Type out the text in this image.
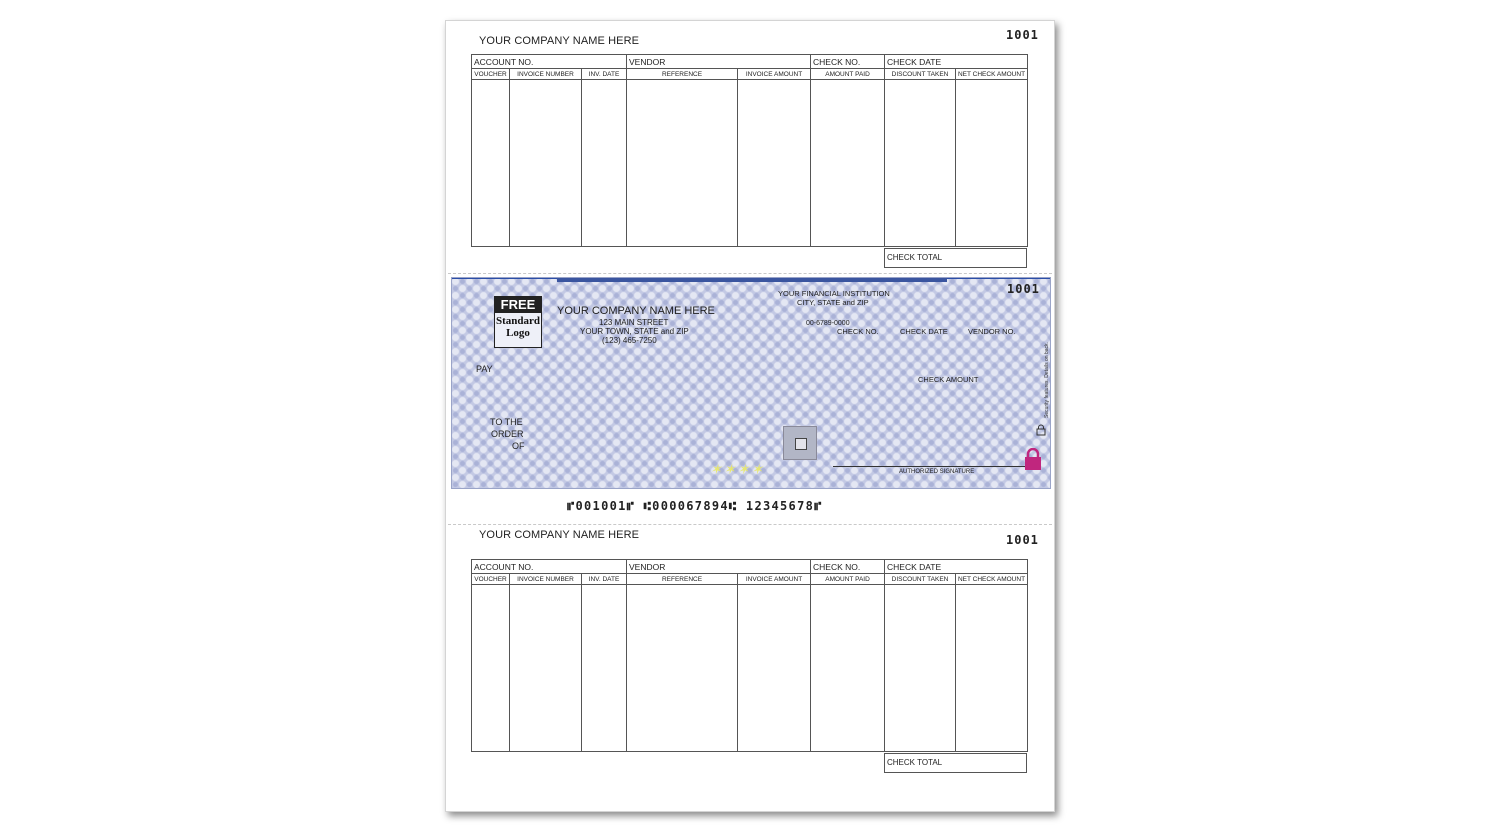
YOUR COMPANY NAME HERE	1001
ACCOUNT NO.			VENDOR		CHECK NO.	CHECK DATE	
VOUCHER	INVOICE NUMBER	INV. DATE	REFERENCE	INVOICE AMOUNT	AMOUNT PAID	DISCOUNT TAKEN	NET CHECK AMOUNT

CHECK TOTAL
1001
FREE
Standard
Logo
YOUR COMPANY NAME HERE
123 MAIN STREET
YOUR TOWN, STATE and ZIP
(123) 465-7250
YOUR FINANCIAL INSTITUTION
CITY, STATE and ZIP
00-6789-0000
CHECK NO.	CHECK DATE	VENDOR NO.
CHECK AMOUNT
PAY
TO THE
ORDER
OF
✶✶✶✶	AUTHORIZED SIGNATURE
Security features. Details on back.
⑈001001⑈ ⑆000067894⑆ 12345678⑈
YOUR COMPANY NAME HERE	1001
ACCOUNT NO.			VENDOR		CHECK NO.	CHECK DATE	
VOUCHER	INVOICE NUMBER	INV. DATE	REFERENCE	INVOICE AMOUNT	AMOUNT PAID	DISCOUNT TAKEN	NET CHECK AMOUNT

CHECK TOTAL
